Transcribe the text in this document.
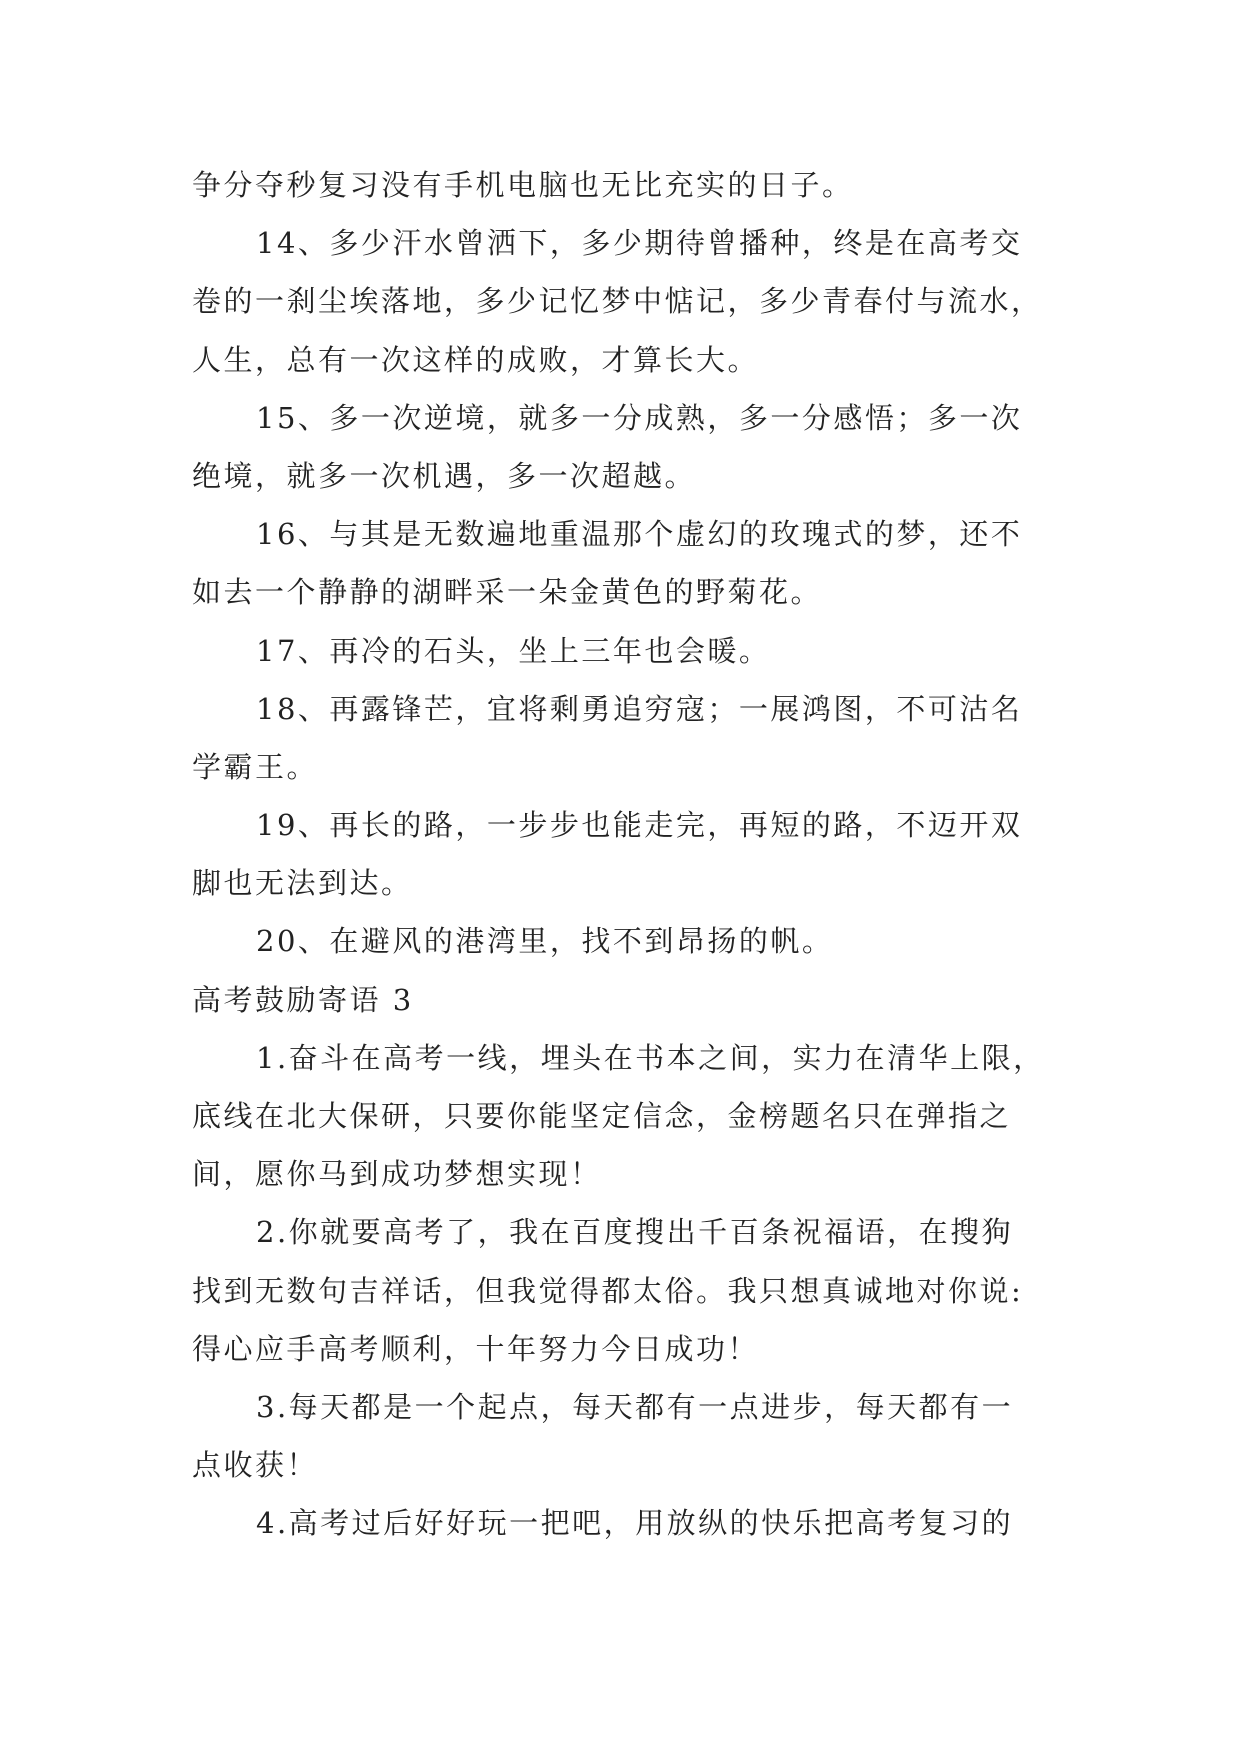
争分夺秒复习没有手机电脑也无比充实的日子。
14、多少汗水曾洒下，多少期待曾播种，终是在高考交
卷的一刹尘埃落地，多少记忆梦中惦记，多少青春付与流水，
人生，总有一次这样的成败，才算长大。
15、多一次逆境，就多一分成熟，多一分感悟；多一次
绝境，就多一次机遇，多一次超越。
16、与其是无数遍地重温那个虚幻的玫瑰式的梦，还不
如去一个静静的湖畔采一朵金黄色的野菊花。
17、再冷的石头，坐上三年也会暖。
18、再露锋芒，宜将剩勇追穷寇；一展鸿图，不可沽名
学霸王。
19、再长的路，一步步也能走完，再短的路，不迈开双
脚也无法到达。
20、在避风的港湾里，找不到昂扬的帆。
高考鼓励寄语 3
1.奋斗在高考一线，埋头在书本之间，实力在清华上限，
底线在北大保研，只要你能坚定信念，金榜题名只在弹指之
间，愿你马到成功梦想实现！
2.你就要高考了，我在百度搜出千百条祝福语，在搜狗
找到无数句吉祥话，但我觉得都太俗。我只想真诚地对你说:
得心应手高考顺利，十年努力今日成功！
3.每天都是一个起点，每天都有一点进步，每天都有一
点收获！
4.高考过后好好玩一把吧，用放纵的快乐把高考复习的
